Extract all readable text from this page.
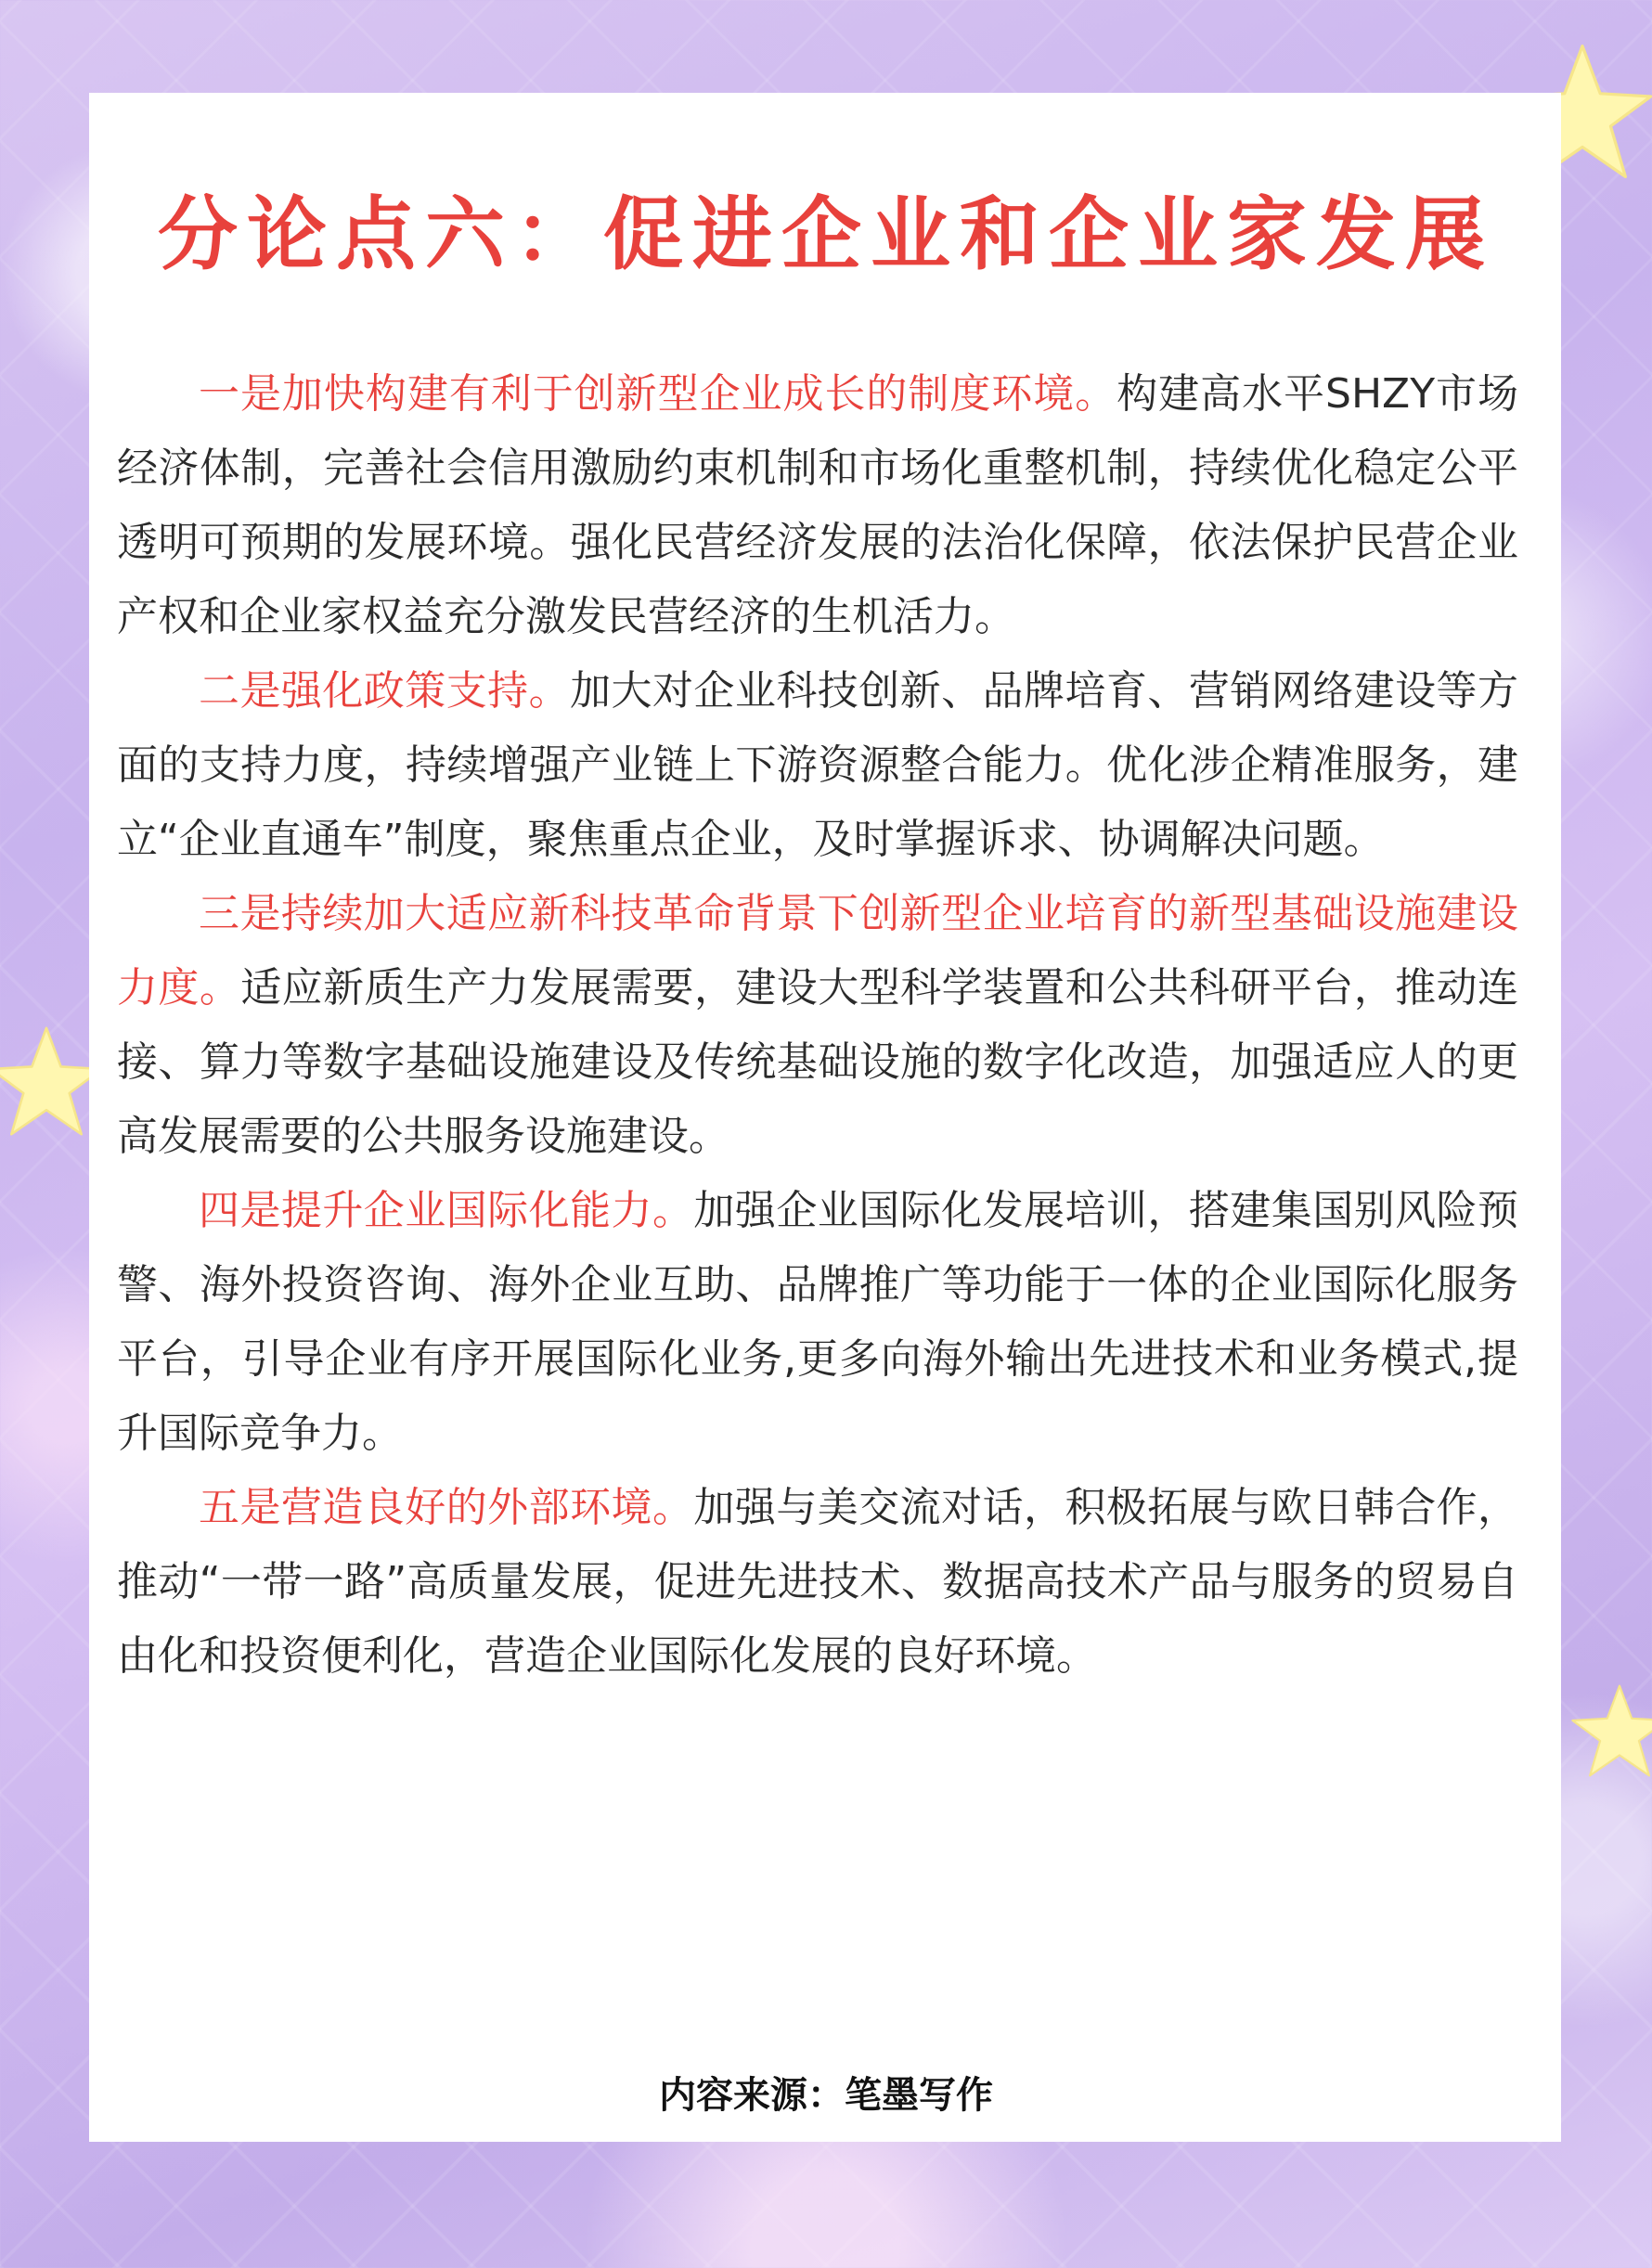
分论点六：促进企业和企业家发展

一是加快构建有利于创新型企业成长的制度环境。构建高水平SHZY市场经济体制，完善社会信用激励约束机制和市场化重整机制，持续优化稳定公平透明可预期的发展环境。强化民营经济发展的法治化保障，依法保护民营企业产权和企业家权益充分激发民营经济的生机活力。

二是强化政策支持。加大对企业科技创新、品牌培育、营销网络建设等方面的支持力度，持续增强产业链上下游资源整合能力。优化涉企精准服务，建立“企业直通车”制度，聚焦重点企业，及时掌握诉求、协调解决问题。

三是持续加大适应新科技革命背景下创新型企业培育的新型基础设施建设力度。适应新质生产力发展需要，建设大型科学装置和公共科研平台，推动连接、算力等数字基础设施建设及传统基础设施的数字化改造，加强适应人的更高发展需要的公共服务设施建设。

四是提升企业国际化能力。加强企业国际化发展培训，搭建集国别风险预警、海外投资咨询、海外企业互助、品牌推广等功能于一体的企业国际化服务平台，引导企业有序开展国际化业务,更多向海外输出先进技术和业务模式,提升国际竞争力。

五是营造良好的外部环境。加强与美交流对话，积极拓展与欧日韩合作，推动“一带一路”高质量发展，促进先进技术、数据高技术产品与服务的贸易自由化和投资便利化，营造企业国际化发展的良好环境。

内容来源：笔墨写作
